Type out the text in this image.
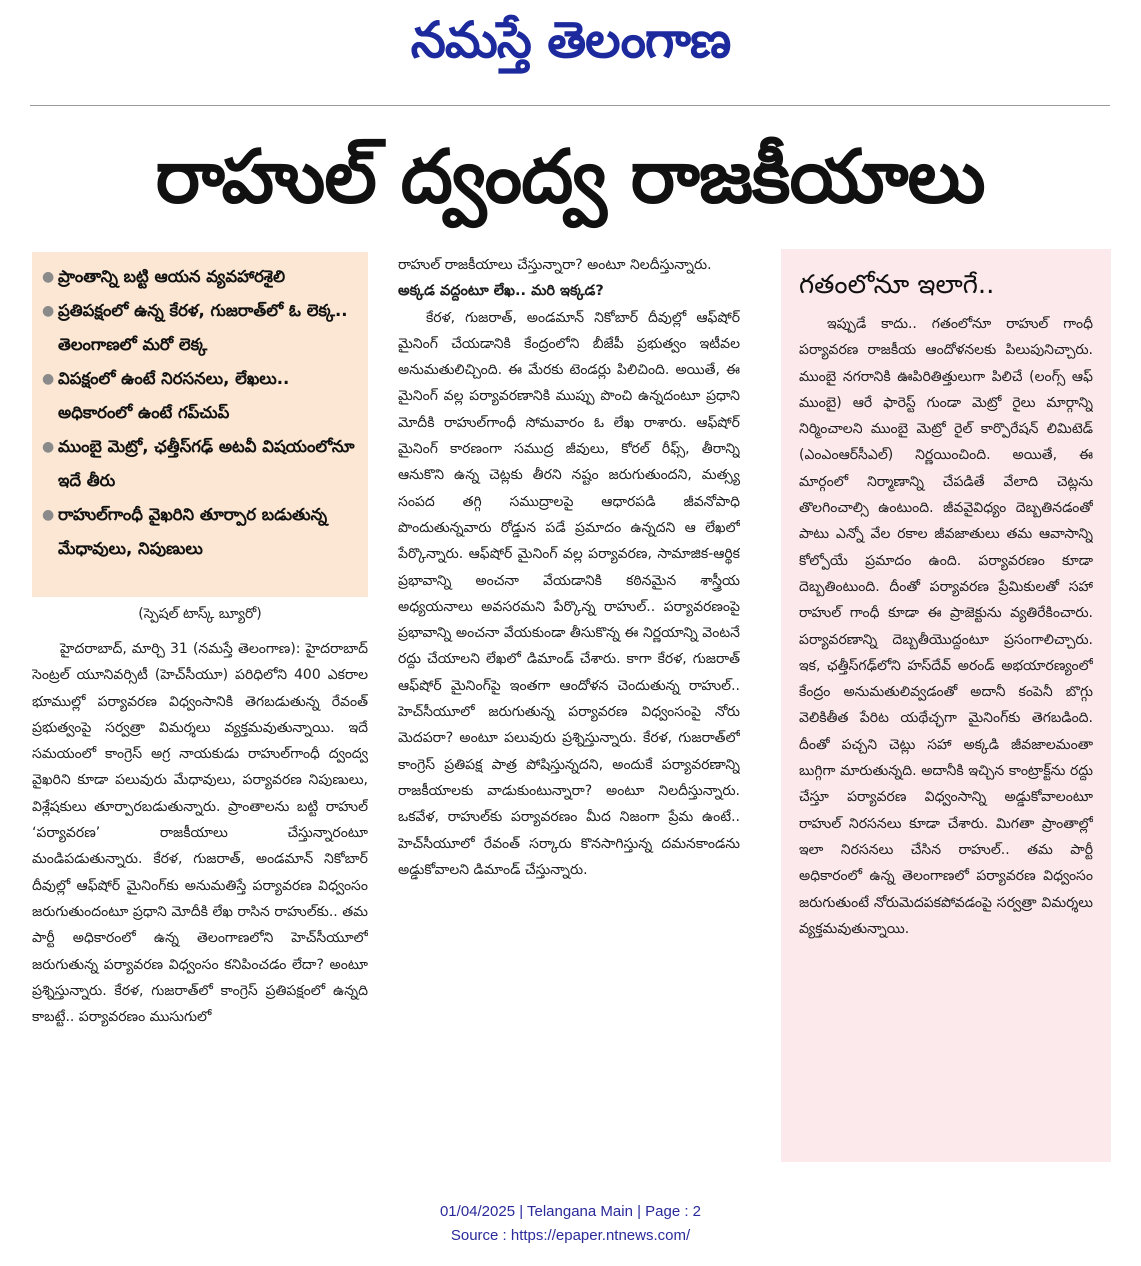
నమస్తే తెలంగాణ
రాహుల్ ద్వంద్వ రాజకీయాలు
● ప్రాంతాన్ని బట్టి ఆయన వ్యవహారశైలి
● ప్రతిపక్షంలో ఉన్న కేరళ, గుజరాత్‌లో ఓ లెక్క.. తెలంగాణలో మరో లెక్క
● విపక్షంలో ఉంటే నిరసనలు, లేఖలు.. అధికారంలో ఉంటే గప్‌చుప్
● ముంబై మెట్రో, ఛత్తీస్‌గఢ్ అటవీ విషయంలోనూ ఇదే తీరు
● రాహుల్‌గాంధీ వైఖరిని తూర్పార బడుతున్న మేధావులు, నిపుణులు
(స్పెషల్ టాస్క్ బ్యూరో)

హైదరాబాద్, మార్చి 31 (నమస్తే తెలంగాణ): హైదరాబాద్ సెంట్రల్ యూనివర్సిటీ (హెచ్‌సీయూ) పరిధిలోని 400 ఎకరాల భూముల్లో పర్యావరణ విధ్వంసానికి తెగబడుతున్న రేవంత్ ప్రభుత్వంపై సర్వత్రా విమర్శలు వ్యక్తమవుతున్నాయి. ఇదే సమయంలో కాంగ్రెస్ అగ్ర నాయకుడు రాహుల్‌గాంధీ ద్వంద్వ వైఖరిని కూడా పలువురు మేధావులు, పర్యావరణ నిపుణులు, విశ్లేషకులు తూర్పారబడుతున్నారు. ప్రాంతాలను బట్టి రాహుల్ ‘పర్యావరణ’ రాజకీయాలు చేస్తున్నారంటూ మండిపడుతున్నారు. కేరళ, గుజరాత్, అండమాన్ నికోబార్ దీవుల్లో ఆఫ్‌షోర్ మైనింగ్‌కు అనుమతిస్తే పర్యావరణ విధ్వంసం జరుగుతుందంటూ ప్రధాని మోదీకి లేఖ రాసిన రాహుల్‌కు.. తమ పార్టీ అధికారంలో ఉన్న తెలంగాణలోని హెచ్‌సీయూలో జరుగుతున్న పర్యావరణ విధ్వంసం కనిపించడం లేదా? అంటూ ప్రశ్నిస్తున్నారు. కేరళ, గుజరాత్‌లో కాంగ్రెస్ ప్రతిపక్షంలో ఉన్నది కాబట్టే.. పర్యావరణం ముసుగులో

రాహుల్ రాజకీయాలు చేస్తున్నారా? అంటూ నిలదీస్తున్నారు.

అక్కడ వద్దంటూ లేఖ.. మరి ఇక్కడ?

కేరళ, గుజరాత్, అండమాన్ నికోబార్ దీవుల్లో ఆఫ్‌షోర్ మైనింగ్ చేయడానికి కేంద్రంలోని బీజేపీ ప్రభుత్వం ఇటీవల అనుమతులిచ్చింది. ఈ మేరకు టెండర్లు పిలిచింది. అయితే, ఈ మైనింగ్ వల్ల పర్యావరణానికి ముప్పు పొంచి ఉన్నదంటూ ప్రధాని మోదీకి రాహుల్‌గాంధీ సోమవారం ఓ లేఖ రాశారు. ఆఫ్‌షోర్ మైనింగ్ కారణంగా సముద్ర జీవులు, కోరల్ రీఫ్స్, తీరాన్ని ఆనుకొని ఉన్న చెట్లకు తీరని నష్టం జరుగుతుందని, మత్స్య సంపద తగ్గి సముద్రాలపై ఆధారపడి జీవనోపాధి పొందుతున్నవారు రోడ్డున పడే ప్రమాదం ఉన్నదని ఆ లేఖలో పేర్కొన్నారు. ఆఫ్‌షోర్ మైనింగ్ వల్ల పర్యావరణ, సామాజిక-ఆర్థిక ప్రభావాన్ని అంచనా వేయడానికి కఠినమైన శాస్త్రీయ అధ్యయనాలు అవసరమని పేర్కొన్న రాహుల్.. పర్యావరణంపై ప్రభావాన్ని అంచనా వేయకుండా తీసుకొన్న ఈ నిర్ణయాన్ని వెంటనే రద్దు చేయాలని లేఖలో డిమాండ్ చేశారు. కాగా కేరళ, గుజరాత్ ఆఫ్‌షోర్ మైనింగ్‌పై ఇంతగా ఆందోళన చెందుతున్న రాహుల్.. హెచ్‌సీయూలో జరుగుతున్న పర్యావరణ విధ్వంసంపై నోరు మెదపరా? అంటూ పలువురు ప్రశ్నిస్తున్నారు. కేరళ, గుజరాత్‌లో కాంగ్రెస్ ప్రతిపక్ష పాత్ర పోషిస్తున్నదని, అందుకే పర్యావరణాన్ని రాజకీయాలకు వాడుకుంటున్నారా? అంటూ నిలదీస్తున్నారు. ఒకవేళ, రాహుల్‌కు పర్యావరణం మీద నిజంగా ప్రేమ ఉంటే.. హెచ్‌సీయూలో రేవంత్ సర్కారు కొనసాగిస్తున్న దమనకాండను అడ్డుకోవాలని డిమాండ్ చేస్తున్నారు.

గతంలోనూ ఇలాగే..

ఇప్పుడే కాదు.. గతంలోనూ రాహుల్ గాంధీ పర్యావరణ రాజకీయ ఆందోళనలకు పిలుపునిచ్చారు. ముంబై నగరానికి ఊపిరితిత్తులుగా పిలిచే (లంగ్స్ ఆఫ్ ముంబై) ఆరే ఫారెస్ట్ గుండా మెట్రో రైలు మార్గాన్ని నిర్మించాలని ముంబై మెట్రో రైల్ కార్పొరేషన్ లిమిటెడ్ (ఎంఎంఆర్‌సీఎల్) నిర్ణయించింది. అయితే, ఈ మార్గంలో నిర్మాణాన్ని చేపడితే వేలాది చెట్లను తొలగించాల్సి ఉంటుంది. జీవవైవిధ్యం దెబ్బతినడంతో పాటు ఎన్నో వేల రకాల జీవజాతులు తమ ఆవాసాన్ని కోల్పోయే ప్రమాదం ఉంది. పర్యావరణం కూడా దెబ్బతింటుంది. దీంతో పర్యావరణ ప్రేమికులతో సహా రాహుల్ గాంధీ కూడా ఈ ప్రాజెక్టును వ్యతిరేకించారు. పర్యావరణాన్ని దెబ్బతీయొద్దంటూ ప్రసంగాలిచ్చారు. ఇక, ఛత్తీస్‌గఢ్‌లోని హస్‌దేవ్ అరండ్ అభయారణ్యంలో కేంద్రం అనుమతులివ్వడంతో అదానీ కంపెనీ బొగ్గు వెలికితీత పేరిట యథేచ్ఛగా మైనింగ్‌కు తెగబడింది. దీంతో పచ్చని చెట్లు సహా అక్కడి జీవజాలమంతా బుగ్గిగా మారుతున్నది. అదానీకి ఇచ్చిన కాంట్రాక్ట్‌ను రద్దు చేస్తూ పర్యావరణ విధ్వంసాన్ని అడ్డుకోవాలంటూ రాహుల్ నిరసనలు కూడా చేశారు. మిగతా ప్రాంతాల్లో ఇలా నిరసనలు చేసిన రాహుల్.. తమ పార్టీ అధికారంలో ఉన్న తెలంగాణలో పర్యావరణ విధ్వంసం జరుగుతుంటే నోరుమెదపకపోవడంపై సర్వత్రా విమర్శలు వ్యక్తమవుతున్నాయి.

01/04/2025 | Telangana Main | Page : 2
Source : https://epaper.ntnews.com/
